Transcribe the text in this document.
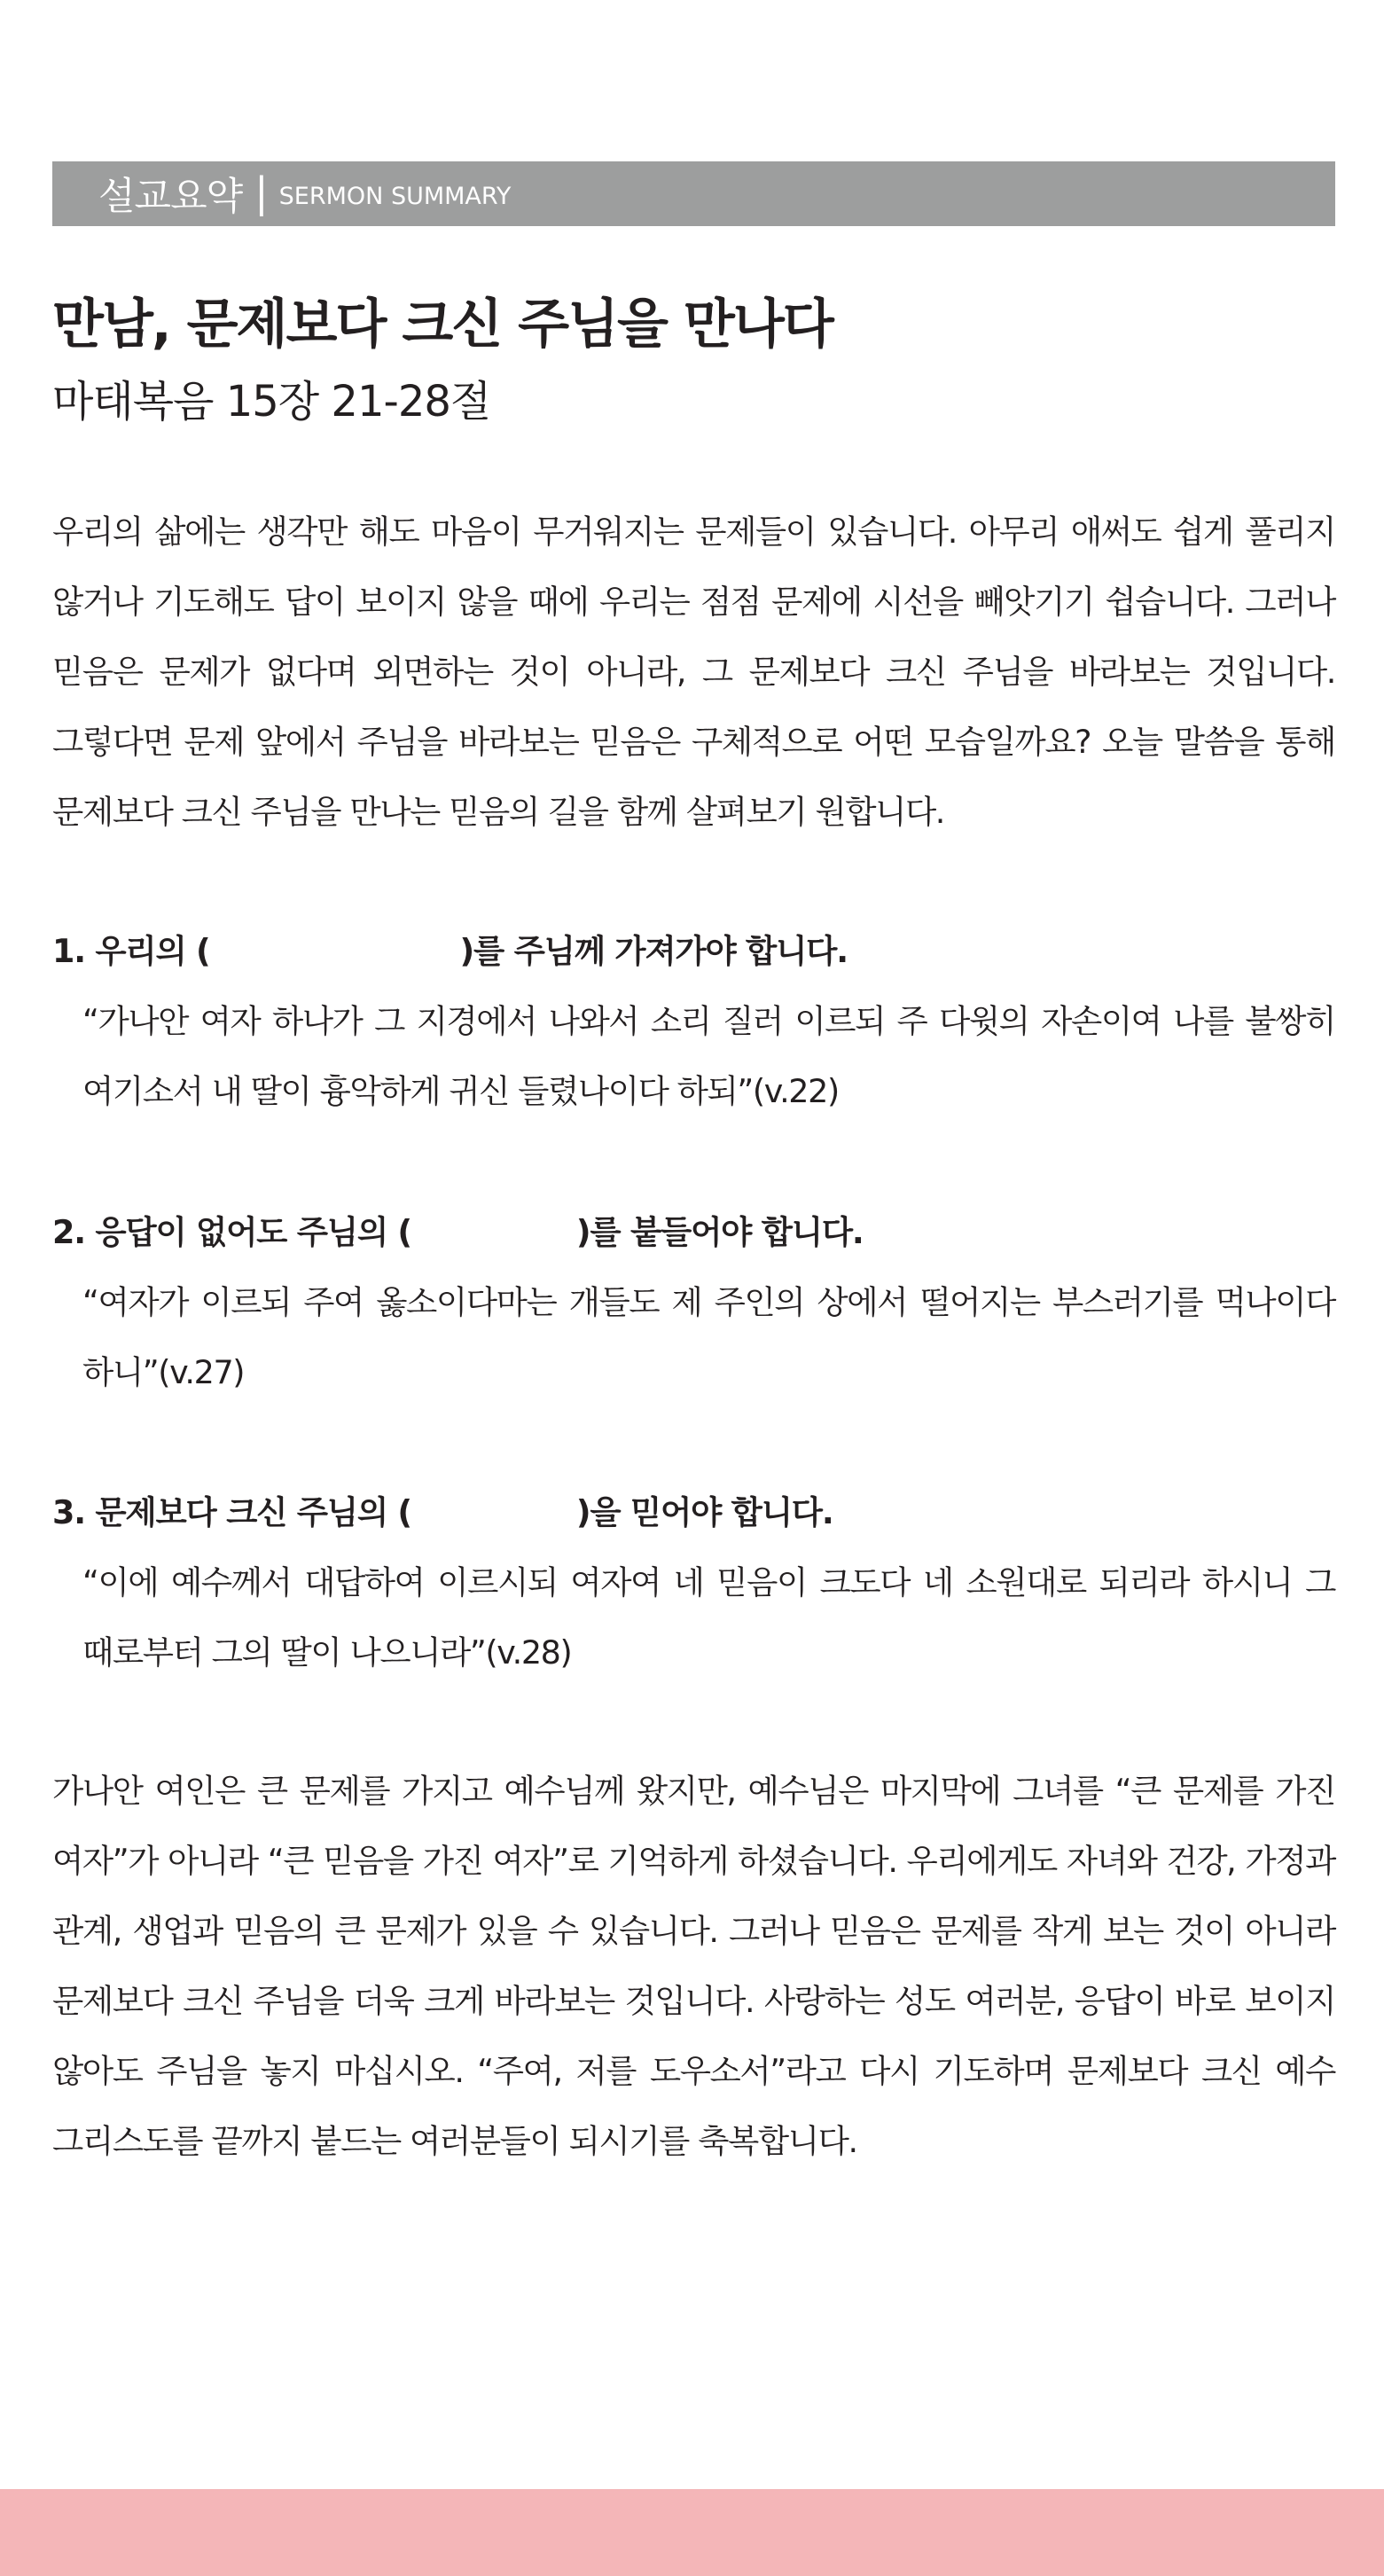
설교요약 | SERMON SUMMARY
만남, 문제보다 크신 주님을 만나다
마태복음 15장 21-28절
우리의 삶에는 생각만 해도 마음이 무거워지는 문제들이 있습니다. 아무리 애써도 쉽게 풀리지 않거나 기도해도 답이 보이지 않을 때에 우리는 점점 문제에 시선을 빼앗기기 쉽습니다. 그러나 믿음은 문제가 없다며 외면하는 것이 아니라, 그 문제보다 크신 주님을 바라보는 것입니다. 그렇다면 문제 앞에서 주님을 바라보는 믿음은 구체적으로 어떤 모습일까요? 오늘 말씀을 통해 문제보다 크신 주님을 만나는 믿음의 길을 함께 살펴보기 원합니다.
1. 우리의 (	)를 주님께 가져가야 합니다.
“가나안 여자 하나가 그 지경에서 나와서 소리 질러 이르되 주 다윗의 자손이여 나를 불쌍히 여기소서 내 딸이 흉악하게 귀신 들렸나이다 하되”(v.22)
2. 응답이 없어도 주님의 (	)를 붙들어야 합니다.
“여자가 이르되 주여 옳소이다마는 개들도 제 주인의 상에서 떨어지는 부스러기를 먹나이다 하니”(v.27)
3. 문제보다 크신 주님의 (	)을 믿어야 합니다.
“이에 예수께서 대답하여 이르시되 여자여 네 믿음이 크도다 네 소원대로 되리라 하시니 그 때로부터 그의 딸이 나으니라”(v.28)
가나안 여인은 큰 문제를 가지고 예수님께 왔지만, 예수님은 마지막에 그녀를 “큰 문제를 가진 여자”가 아니라 “큰 믿음을 가진 여자”로 기억하게 하셨습니다. 우리에게도 자녀와 건강, 가정과 관계, 생업과 믿음의 큰 문제가 있을 수 있습니다. 그러나 믿음은 문제를 작게 보는 것이 아니라 문제보다 크신 주님을 더욱 크게 바라보는 것입니다. 사랑하는 성도 여러분, 응답이 바로 보이지 않아도 주님을 놓지 마십시오. “주여, 저를 도우소서”라고 다시 기도하며 문제보다 크신 예수 그리스도를 끝까지 붙드는 여러분들이 되시기를 축복합니다.
